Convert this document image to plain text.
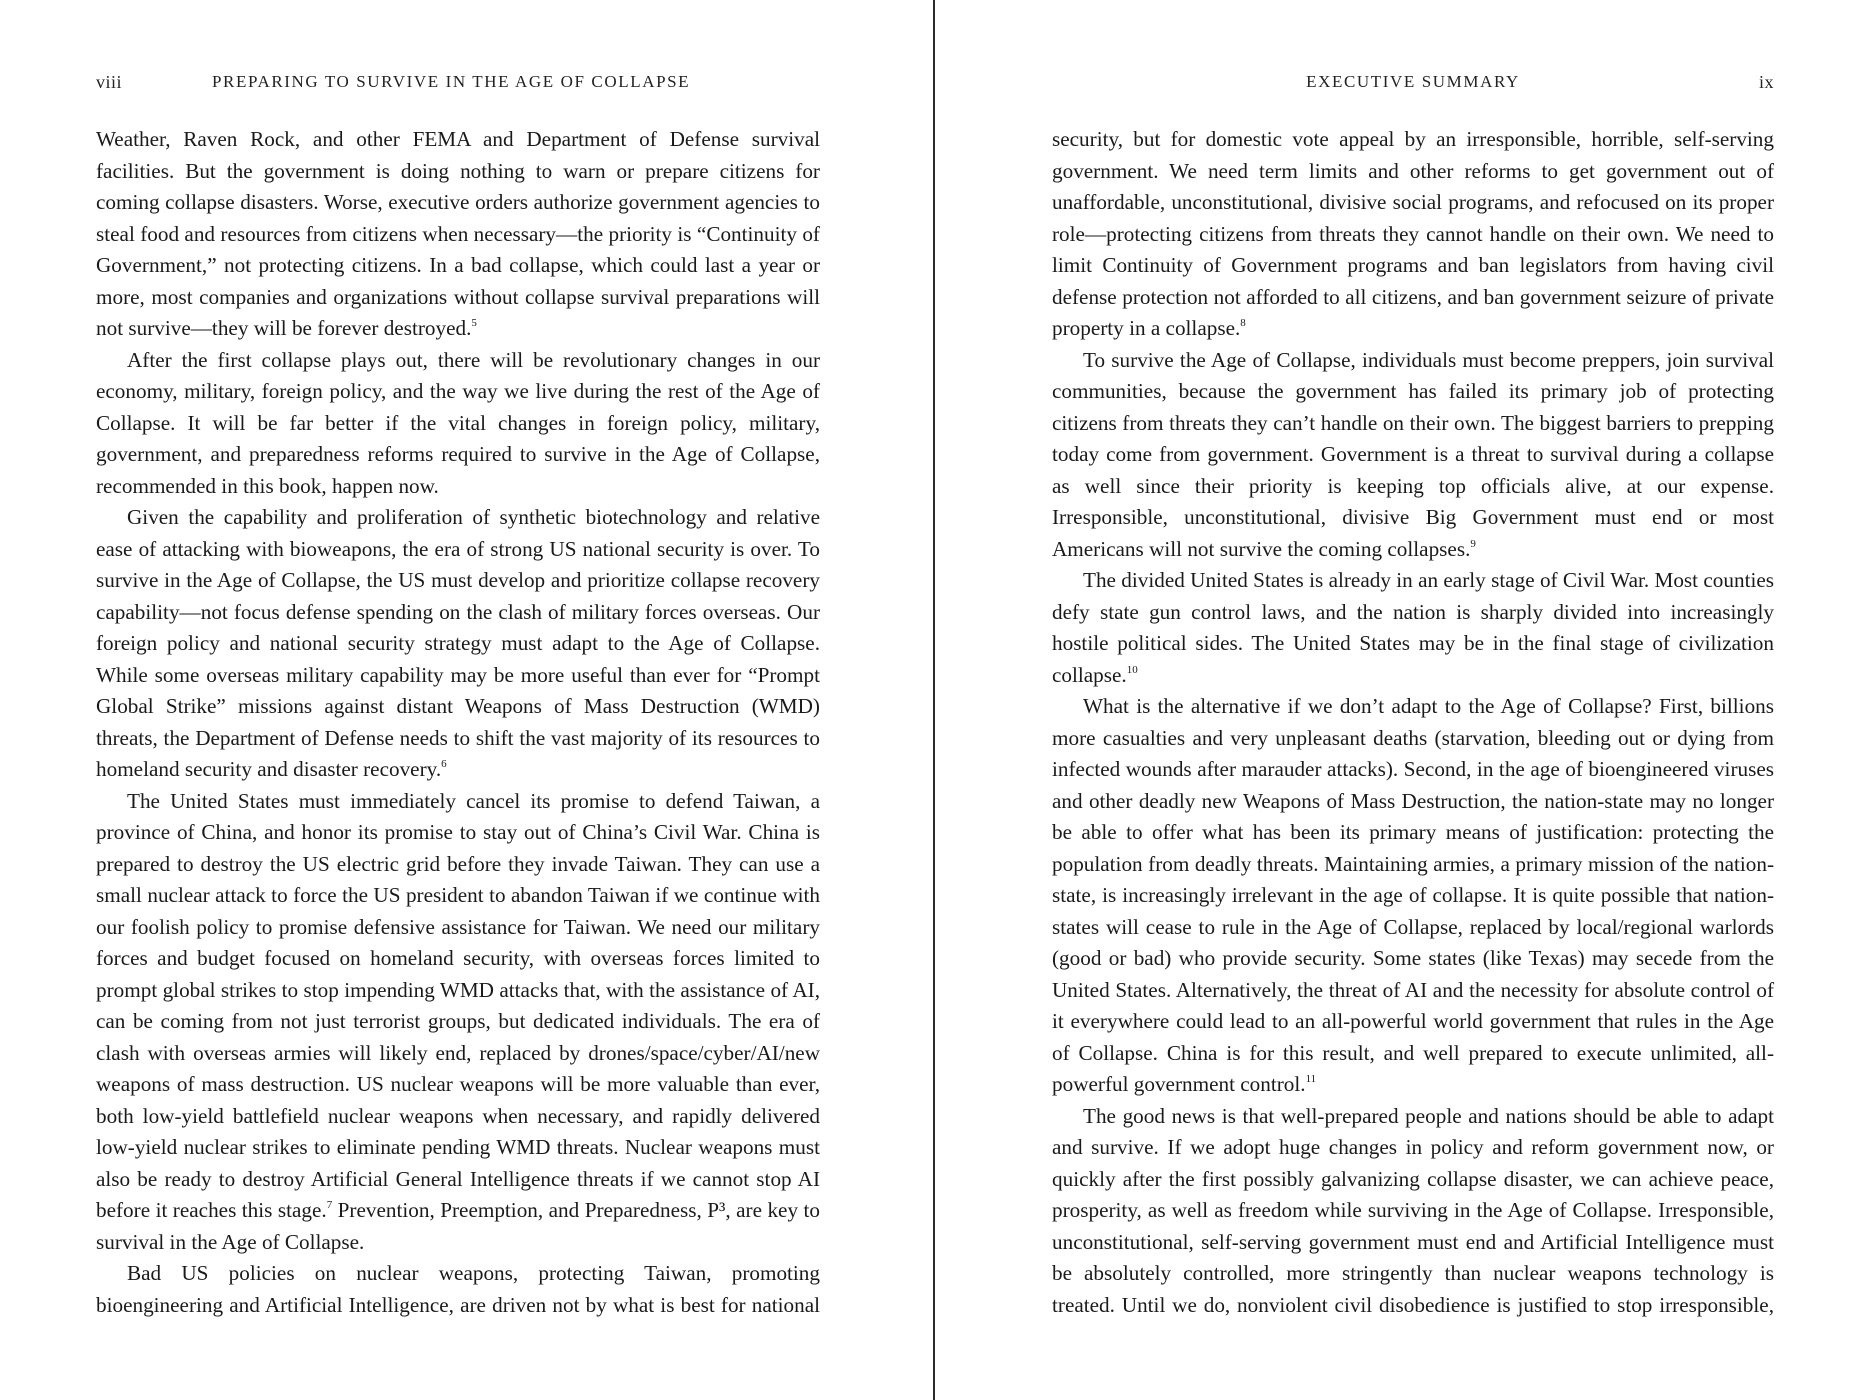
viii	PREPARING TO SURVIVE IN THE AGE OF COLLAPSE

Weather, Raven Rock, and other FEMA and Department of Defense survival facilities. But the government is doing nothing to warn or prepare citizens for coming collapse disasters. Worse, executive orders authorize government agencies to steal food and resources from citizens when necessary—the priority is “Continuity of Government,” not protecting citizens. In a bad collapse, which could last a year or more, most companies and organizations without collapse survival preparations will not survive—they will be forever destroyed.$^5$

After the first collapse plays out, there will be revolutionary changes in our economy, military, foreign policy, and the way we live during the rest of the Age of Collapse. It will be far better if the vital changes in foreign policy, military, government, and preparedness reforms required to survive in the Age of Collapse, recommended in this book, happen now.

Given the capability and proliferation of synthetic biotechnology and relative ease of attacking with bioweapons, the era of strong US national security is over. To survive in the Age of Collapse, the US must develop and prioritize collapse recovery capability—not focus defense spending on the clash of military forces overseas. Our foreign policy and national security strategy must adapt to the Age of Collapse. While some overseas military capability may be more useful than ever for “Prompt Global Strike” missions against distant Weapons of Mass Destruction (WMD) threats, the Department of Defense needs to shift the vast majority of its resources to homeland security and disaster recovery.$^6$

The United States must immediately cancel its promise to defend Taiwan, a province of China, and honor its promise to stay out of China’s Civil War. China is prepared to destroy the US electric grid before they invade Taiwan. They can use a small nuclear attack to force the US president to abandon Taiwan if we continue with our foolish policy to promise defensive assistance for Taiwan. We need our military forces and budget focused on homeland security, with overseas forces limited to prompt global strikes to stop impending WMD attacks that, with the assistance of AI, can be coming from not just terrorist groups, but dedicated individuals. The era of clash with overseas armies will likely end, replaced by drones/space/cyber/AI/new weapons of mass destruction. US nuclear weapons will be more valuable than ever, both low-yield battlefield nuclear weapons when necessary, and rapidly delivered low-yield nuclear strikes to eliminate pending WMD threats. Nuclear weapons must also be ready to destroy Artificial General Intelligence threats if we cannot stop AI before it reaches this stage.$^7$ Prevention, Preemption, and Preparedness, P³, are key to survival in the Age of Collapse.

Bad US policies on nuclear weapons, protecting Taiwan, promoting bioengineering and Artificial Intelligence, are driven not by what is best for national

EXECUTIVE SUMMARY	ix

security, but for domestic vote appeal by an irresponsible, horrible, self-serving government. We need term limits and other reforms to get government out of unaffordable, unconstitutional, divisive social programs, and refocused on its proper role—protecting citizens from threats they cannot handle on their own. We need to limit Continuity of Government programs and ban legislators from having civil defense protection not afforded to all citizens, and ban government seizure of private property in a collapse.$^8$

To survive the Age of Collapse, individuals must become preppers, join survival communities, because the government has failed its primary job of protecting citizens from threats they can’t handle on their own. The biggest barriers to prepping today come from government. Government is a threat to survival during a collapse as well since their priority is keeping top officials alive, at our expense. Irresponsible, unconstitutional, divisive Big Government must end or most Americans will not survive the coming collapses.$^9$

The divided United States is already in an early stage of Civil War. Most counties defy state gun control laws, and the nation is sharply divided into increasingly hostile political sides. The United States may be in the final stage of civilization collapse.$^{10}$

What is the alternative if we don’t adapt to the Age of Collapse? First, billions more casualties and very unpleasant deaths (starvation, bleeding out or dying from infected wounds after marauder attacks). Second, in the age of bioengineered viruses and other deadly new Weapons of Mass Destruction, the nation-state may no longer be able to offer what has been its primary means of justification: protecting the population from deadly threats. Maintaining armies, a primary mission of the nation-state, is increasingly irrelevant in the age of collapse. It is quite possible that nation-states will cease to rule in the Age of Collapse, replaced by local/regional warlords (good or bad) who provide security. Some states (like Texas) may secede from the United States. Alternatively, the threat of AI and the necessity for absolute control of it everywhere could lead to an all-powerful world government that rules in the Age of Collapse. China is for this result, and well prepared to execute unlimited, all-powerful government control.$^{11}$

The good news is that well-prepared people and nations should be able to adapt and survive. If we adopt huge changes in policy and reform government now, or quickly after the first possibly galvanizing collapse disaster, we can achieve peace, prosperity, as well as freedom while surviving in the Age of Collapse. Irresponsible, unconstitutional, self-serving government must end and Artificial Intelligence must be absolutely controlled, more stringently than nuclear weapons technology is treated. Until we do, nonviolent civil disobedience is justified to stop irresponsible,
